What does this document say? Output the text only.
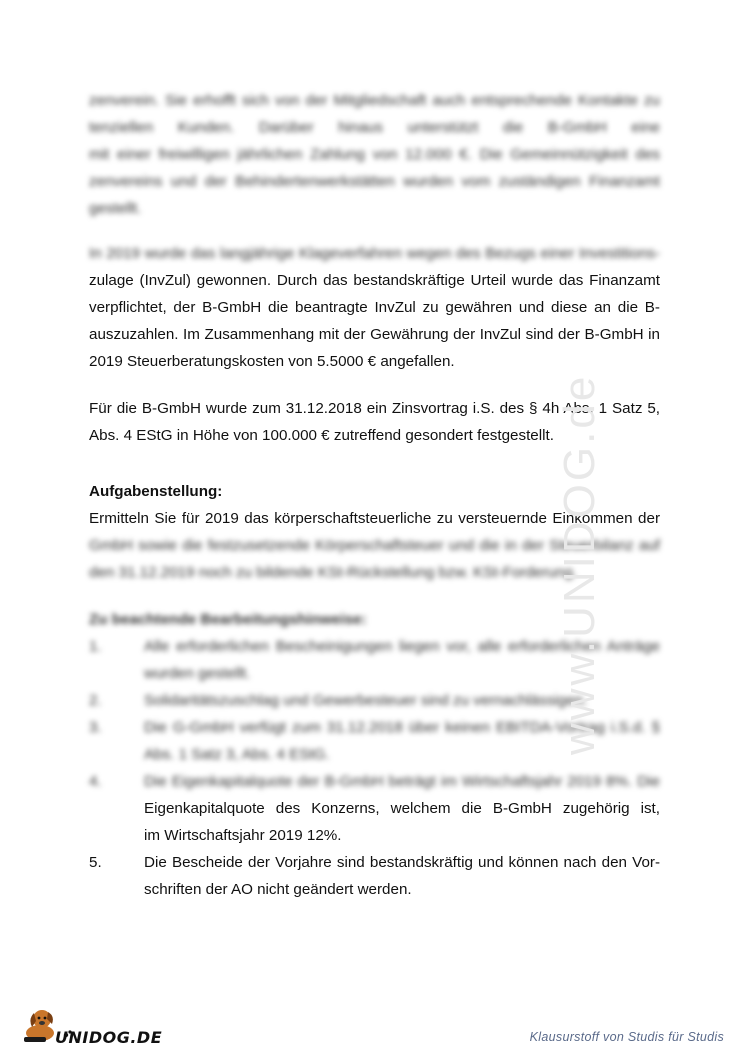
zenverein. Sie erhofft sich von der Mitgliedschaft auch entsprechende Kontakte zu
tenziellen Kunden. Darüber hinaus unterstützt die B-GmbH eine
mit einer freiwilligen jährlichen Zahlung von 12.000 €. Die Gemeinnützigkeit des
zenvereins und der Behindertenwerkstätten wurden vom zuständigen Finanzamt
gestellt.
In 2019 wurde das langjährige Klageverfahren wegen des Bezugs einer Investitions-
zulage (InvZul) gewonnen. Durch das bestandskräftige Urteil wurde das Finanzamt
verpflichtet, der B-GmbH die beantragte InvZul zu gewähren und diese an die B-
auszuzahlen. Im Zusammenhang mit der Gewährung der InvZul sind der B-GmbH in
2019 Steuerberatungskosten von 5.5000 € angefallen.
Für die B-GmbH wurde zum 31.12.2018 ein Zinsvortrag i.S. des § 4h Abs. 1 Satz 5,
Abs. 4 EStG in Höhe von 100.000 € zutreffend gesondert festgestellt.
Aufgabenstellung:
Ermitteln Sie für 2019 das körperschaftsteuerliche zu versteuernde Einkommen der
GmbH sowie die festzusetzende Körperschaftsteuer und die in der Steuerbilanz auf
den 31.12.2019 noch zu bildende KSt-Rückstellung bzw. KSt-Forderung.
Zu beachtende Bearbeitungshinweise:
1.	Alle erforderlichen Bescheinigungen liegen vor, alle erforderlichen Anträge
wurden gestellt.
2.	Solidaritätszuschlag und Gewerbesteuer sind zu vernachlässigen.
3.	Die G-GmbH verfügt zum 31.12.2018 über keinen EBITDA-Vortrag i.S.d. §
Abs. 1 Satz 3, Abs. 4 EStG.
4.	Die Eigenkapitalquote der B-GmbH beträgt im Wirtschaftsjahr 2019 8%. Die
Eigenkapitalquote des Konzerns, welchem die B-GmbH zugehörig ist,
im Wirtschaftsjahr 2019 12%.
5.	Die Bescheide der Vorjahre sind bestandskräftig und können nach den Vor-
schriften der AO nicht geändert werden.
www.UNIDOG.de
UNIDOG.DE	Klausurstoff von Studis für Studis
